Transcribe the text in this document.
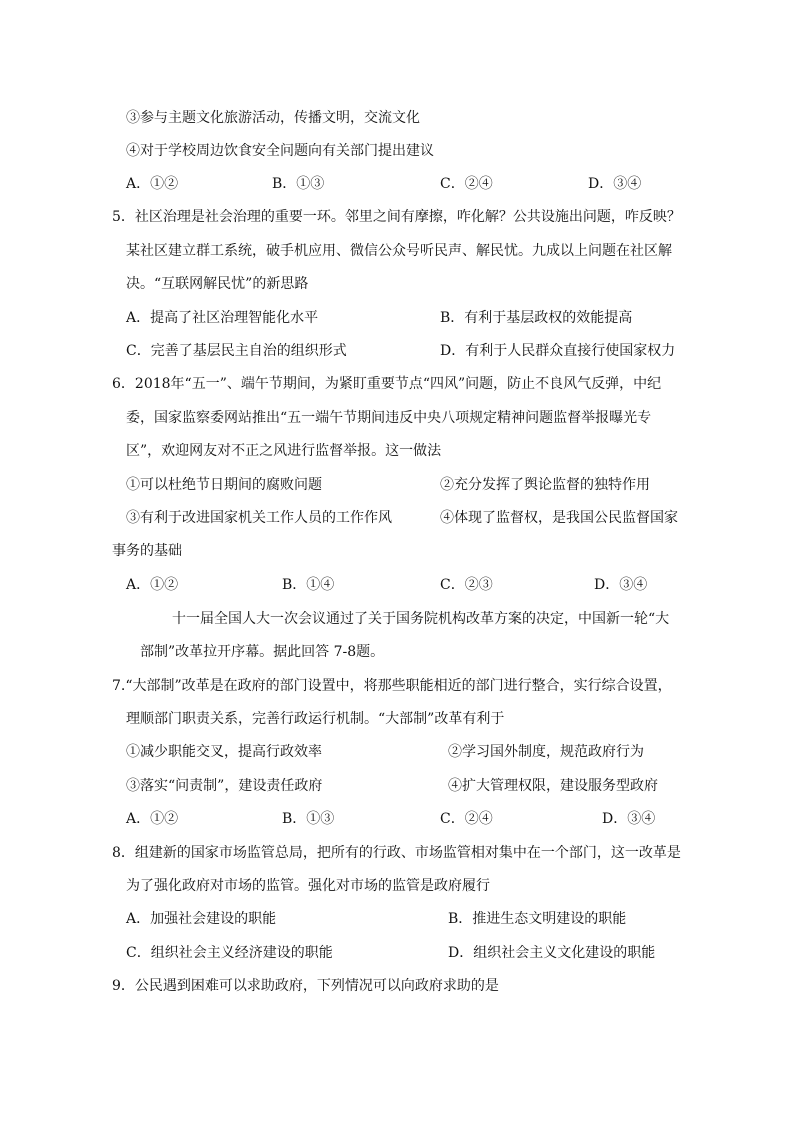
③参与主题文化旅游活动，传播文明，交流文化
④对于学校周边饮食安全问题向有关部门提出建议
A．①②	B．①③	C．②④	D．③④
5．社区治理是社会治理的重要一环。邻里之间有摩擦，咋化解？公共设施出问题，咋反映？
某社区建立群工系统，破手机应用、微信公众号听民声、解民忧。九成以上问题在社区解
决。“互联网解民忧”的新思路
A．提高了社区治理智能化水平	B．有利于基层政权的效能提高
C．完善了基层民主自治的组织形式	D．有利于人民群众直接行使国家权力
6．2018年“五一”、端午节期间，为紧盯重要节点“四风”问题，防止不良风气反弹，中纪
委，国家监察委网站推出“五一端午节期间违反中央八项规定精神问题监督举报曝光专
区”，欢迎网友对不正之风进行监督举报。这一做法
①可以杜绝节日期间的腐败问题	②充分发挥了舆论监督的独特作用
③有利于改进国家机关工作人员的工作作风	④体现了监督权，是我国公民监督国家
事务的基础
A．①②	B．①④	C．②③	D．③④
十一届全国人大一次会议通过了关于国务院机构改革方案的决定，中国新一轮“大
部制”改革拉开序幕。据此回答 7-8题。
7.“大部制”改革是在政府的部门设置中，将那些职能相近的部门进行整合，实行综合设置，
理顺部门职责关系，完善行政运行机制。“大部制”改革有利于
①减少职能交叉，提高行政效率	②学习国外制度，规范政府行为
③落实“问责制”，建设责任政府	④扩大管理权限，建设服务型政府
A．①②	B．①③	C．②④	D．③④
8．组建新的国家市场监管总局，把所有的行政、市场监管相对集中在一个部门，这一改革是
为了强化政府对市场的监管。强化对市场的监管是政府履行
A．加强社会建设的职能	B．推进生态文明建设的职能
C．组织社会主义经济建设的职能	D．组织社会主义文化建设的职能
9．公民遇到困难可以求助政府，下列情况可以向政府求助的是
